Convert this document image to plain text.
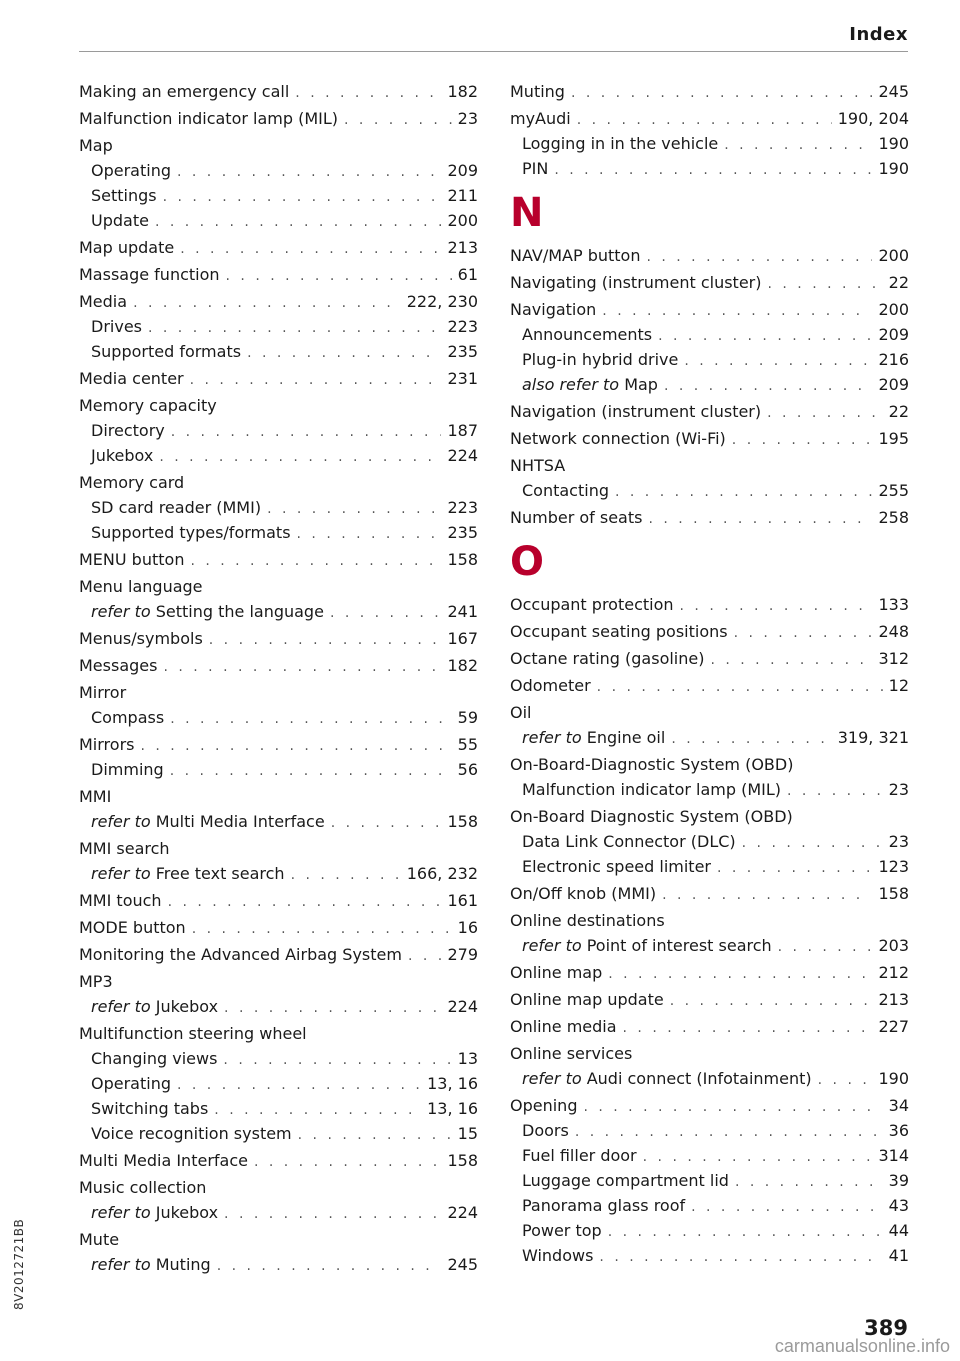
Index
Making an emergency call . . .	182
Malfunction indicator lamp (MIL) . . .	23
Map
Operating . . .	209
Settings . . .	211
Update . . .	200
Map update . . .	213
Massage function . . .	61
Media . . .	222, 230
Drives . . .	223
Supported formats . . .	235
Media center . . .	231
Memory capacity
Directory . . .	187
Jukebox . . .	224
Memory card
SD card reader (MMI) . . .	223
Supported types/formats . . .	235
MENU button . . .	158
Menu language
refer to Setting the language . . .	241
Menus/symbols . . .	167
Messages . . .	182
Mirror
Compass . . .	59
Mirrors . . .	55
Dimming . . .	56
MMI
refer to Multi Media Interface . . .	158
MMI search
refer to Free text search . . .	166, 232
MMI touch . . .	161
MODE button . . .	16
Monitoring the Advanced Airbag System . . .	279
MP3
refer to Jukebox . . .	224
Multifunction steering wheel
Changing views . . .	13
Operating . . .	13, 16
Switching tabs . . .	13, 16
Voice recognition system . . .	15
Multi Media Interface . . .	158
Music collection
refer to Jukebox . . .	224
Mute
refer to Muting . . .	245
Muting . . .	245
myAudi . . .	190, 204
Logging in in the vehicle . . .	190
PIN . . .	190
N
NAV/MAP button . . .	200
Navigating (instrument cluster) . . .	22
Navigation . . .	200
Announcements . . .	209
Plug-in hybrid drive . . .	216
also refer to Map . . .	209
Navigation (instrument cluster) . . .	22
Network connection (Wi-Fi) . . .	195
NHTSA
Contacting . . .	255
Number of seats . . .	258
O
Occupant protection . . .	133
Occupant seating positions . . .	248
Octane rating (gasoline) . . .	312
Odometer . . .	12
Oil
refer to Engine oil . . .	319, 321
On-Board-Diagnostic System (OBD)
Malfunction indicator lamp (MIL) . . .	23
On-Board Diagnostic System (OBD)
Data Link Connector (DLC) . . .	23
Electronic speed limiter . . .	123
On/Off knob (MMI) . . .	158
Online destinations
refer to Point of interest search . . .	203
Online map . . .	212
Online map update . . .	213
Online media . . .	227
Online services
refer to Audi connect (Infotainment) . . .	190
Opening . . .	34
Doors . . .	36
Fuel filler door . . .	314
Luggage compartment lid . . .	39
Panorama glass roof . . .	43
Power top . . .	44
Windows . . .	41
8V2012721BB
389
carmanualsonline.info
